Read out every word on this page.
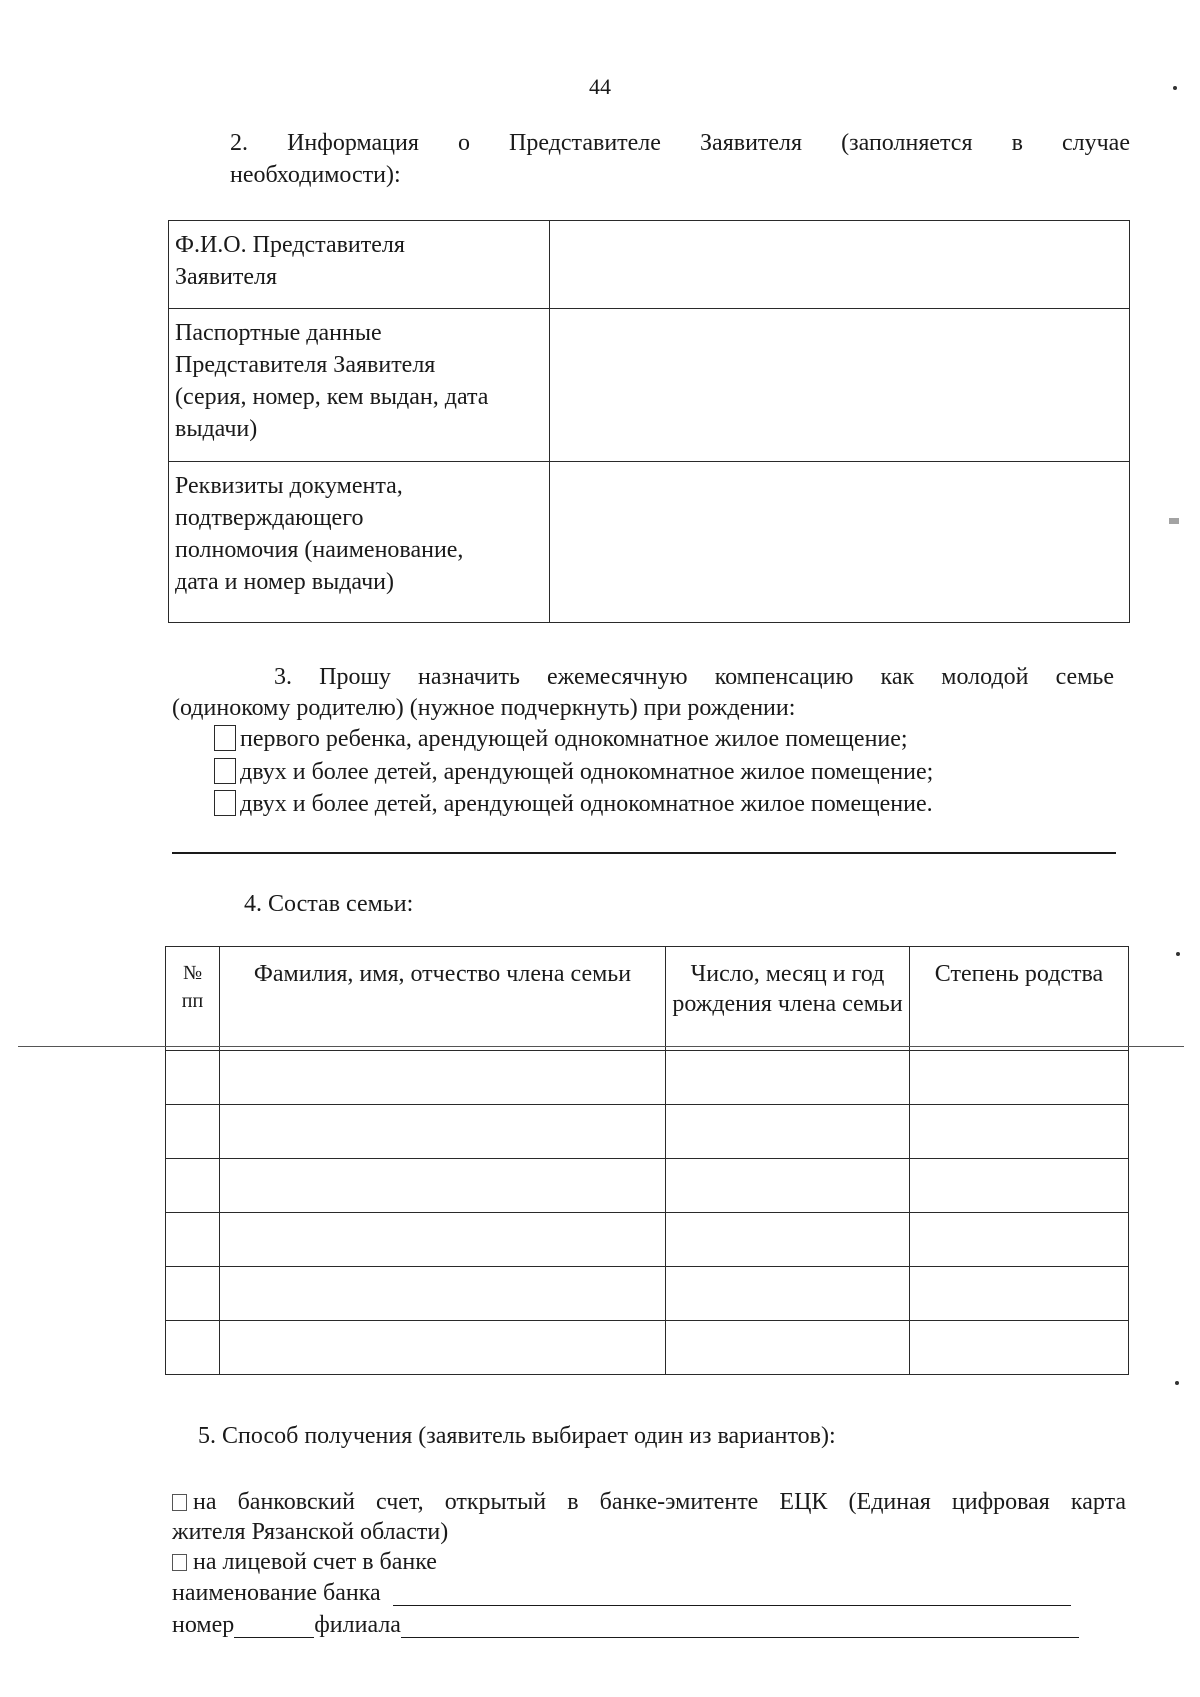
44
2. Информация о Представителе Заявителя (заполняется в случае
необходимости):
Ф.И.О. Представителя
Заявителя	

Паспортные данные
Представителя Заявителя
(серия, номер, кем выдан, дата
выдачи)	

Реквизиты документа,
подтверждающего
полномочия (наименование,
дата и номер выдачи)	

3. Прошу назначить ежемесячную компенсацию как молодой семье
(одинокому родителю) (нужное подчеркнуть) при рождении:
первого ребенка, арендующей однокомнатное жилое помещение;
двух и более детей, арендующей однокомнатное жилое помещение;
двух и более детей, арендующей однокомнатное жилое помещение.
4. Состав семьи:
№
пп	Фамилия, имя, отчество члена семьи	Число, месяц и год рождения члена семьи	Степень родства

5. Способ получения (заявитель выбирает один из вариантов):
на банковский счет, открытый в банке-эмитенте ЕЦК (Единая цифровая карта
жителя Рязанской области)
на лицевой счет в банке
наименование банка
номер	филиала
